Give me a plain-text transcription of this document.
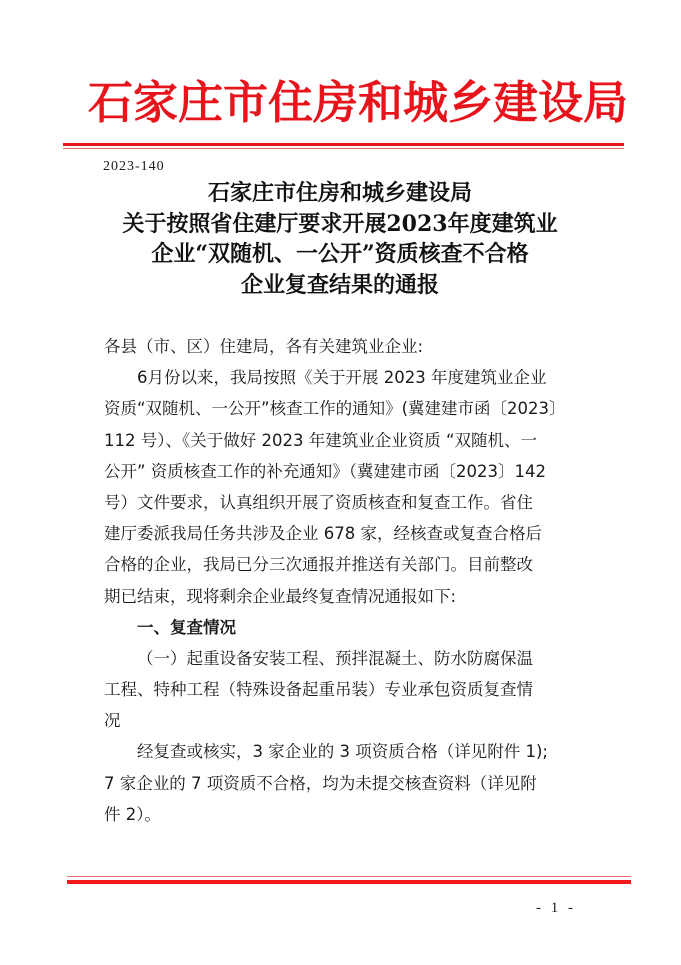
石家庄市住房和城乡建设局
2023-140
石家庄市住房和城乡建设局
关于按照省住建厅要求开展2023年度建筑业
企业“双随机、一公开”资质核查不合格
企业复查结果的通报
各县（市、区）住建局，各有关建筑业企业:
6月份以来，我局按照《关于开展 2023 年度建筑业企业
资质“双随机、一公开”核查工作的通知》(冀建建市函〔2023〕
112 号）、《关于做好 2023 年建筑业企业资质 “双随机、一
公开” 资质核查工作的补充通知》（冀建建市函〔2023〕142
号）文件要求，认真组织开展了资质核查和复查工作。省住
建厅委派我局任务共涉及企业 678 家，经核查或复查合格后
合格的企业，我局已分三次通报并推送有关部门。目前整改
期已结束，现将剩余企业最终复查情况通报如下:
一、复查情况
（一）起重设备安装工程、预拌混凝土、防水防腐保温
工程、特种工程（特殊设备起重吊装）专业承包资质复查情
况
经复查或核实，3 家企业的 3 项资质合格（详见附件 1);
7 家企业的 7 项资质不合格，均为未提交核查资料（详见附
件 2）。
- 1 -
